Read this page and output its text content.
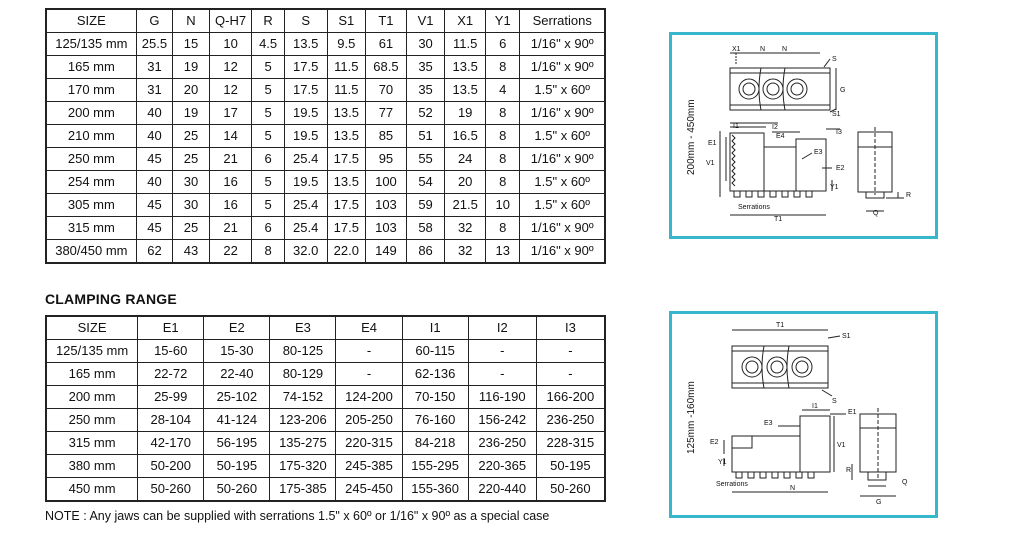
SIZE	G	N	Q-H7	R	S	S1	T1	V1	X1	Y1	Serrations
125/135 mm	25.5	15	10	4.5	13.5	9.5	61	30	11.5	6	1/16" x 90º
165 mm	31	19	12	5	17.5	11.5	68.5	35	13.5	8	1/16" x 90º
170 mm	31	20	12	5	17.5	11.5	70	35	13.5	4	1.5" x 60º
200 mm	40	19	17	5	19.5	13.5	77	52	19	8	1/16" x 90º
210 mm	40	25	14	5	19.5	13.5	85	51	16.5	8	1.5" x 60º
250 mm	45	25	21	6	25.4	17.5	95	55	24	8	1/16" x 90º
254 mm	40	30	16	5	19.5	13.5	100	54	20	8	1.5" x 60º
305 mm	45	30	16	5	25.4	17.5	103	59	21.5	10	1.5" x 60º
315 mm	45	25	21	6	25.4	17.5	103	58	32	8	1/16" x 90º
380/450 mm	62	43	22	8	32.0	22.0	149	86	32	13	1/16" x 90º
CLAMPING RANGE
SIZE	E1	E2	E3	E4	I1	I2	I3
125/135 mm	15-60	15-30	80-125	-	60-115	-	-
165 mm	22-72	22-40	80-129	-	62-136	-	-
200 mm	25-99	25-102	74-152	124-200	70-150	116-190	166-200
250 mm	28-104	41-124	123-206	205-250	76-160	156-242	236-250
315 mm	42-170	56-195	135-275	220-315	84-218	236-250	228-315
380 mm	50-200	50-195	175-320	245-385	155-295	220-365	50-195
450 mm	50-260	50-260	175-385	245-450	155-360	220-440	50-260
NOTE : Any jaws can be supplied with serrations 1.5" x 60º or 1/16" x 90º as a special case
200mm - 450mm
X1	N N
S
G
S1
I1	I2
I3
E4
E1
E3
E2
V1
Y1
Serrations
T1
R
Q
125mm -160mm
T1
S1
S
I1
E1
E3
E2	V1
Y1
R
Serrations
N
Q
G
